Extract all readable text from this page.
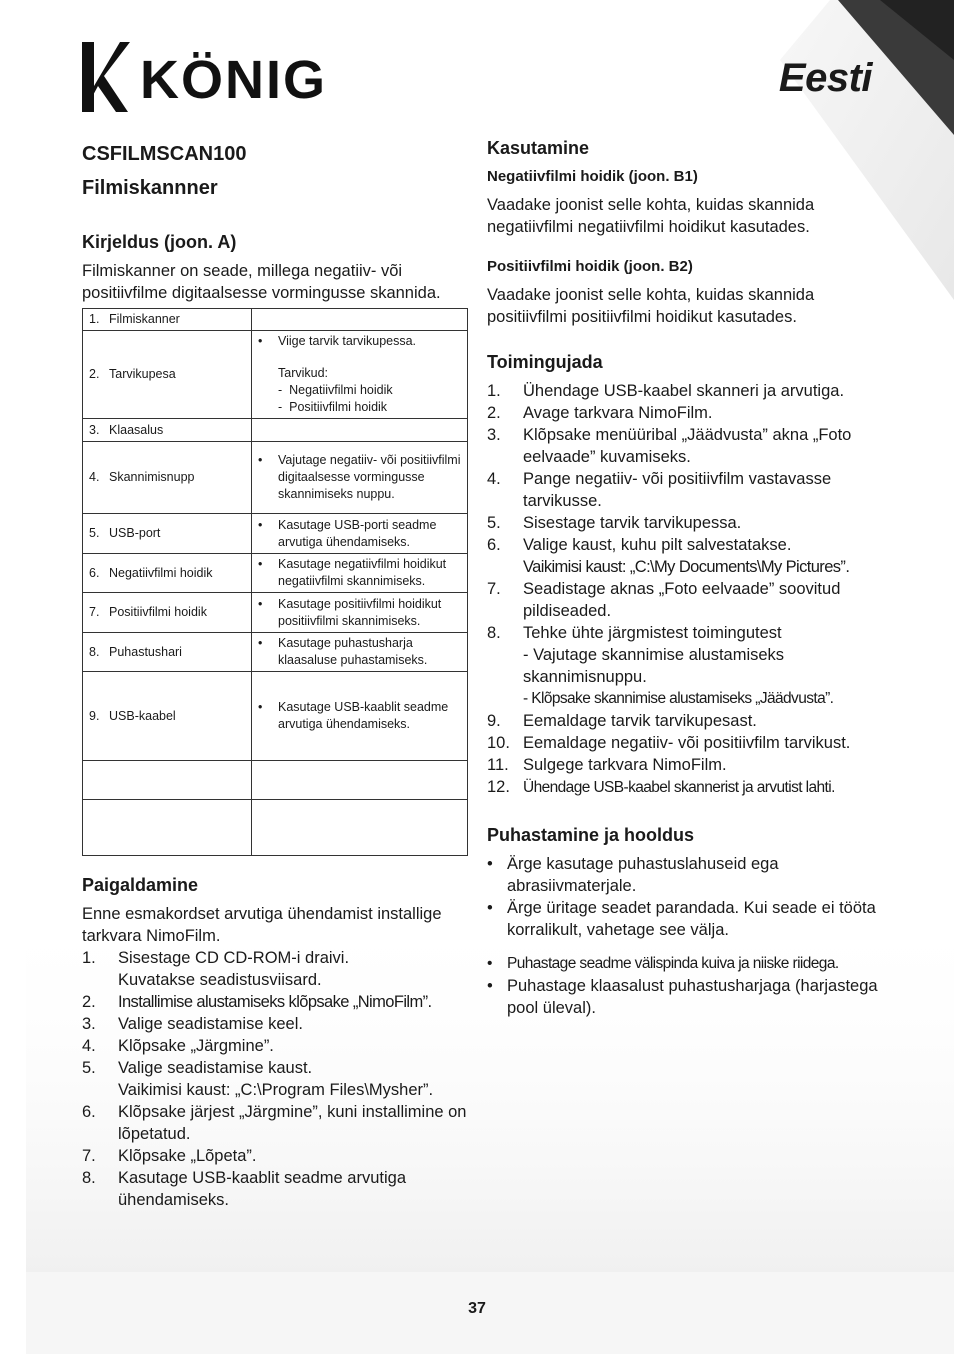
KÖNIG	Eesti
CSFILMSCAN100
Filmiskannner
Kirjeldus (joon. A)

Filmiskanner on seade, millega negatiiv- või positiivfilme digitaalsesse vormingusse skannida.

1. Filmiskanner	
2. Tarvikupesa	• Viige tarvik tarvikupessa.
Tarvikud:
-  Negatiivfilmi hoidik
-  Positiivfilmi hoidik

3. Klaasalus	
4. Skannimisnupp	• Vajutage negatiiv- või positiivfilmi digitaalsesse vormingusse skannimiseks nuppu.

5. USB-port	• Kasutage USB-porti seadme arvutiga ühendamiseks.

6. Negatiivfilmi hoidik	• Kasutage negatiivfilmi hoidikut negatiivfilmi skannimiseks.

7. Positiivfilmi hoidik	• Kasutage positiivfilmi hoidikut positiivfilmi skannimiseks.

8. Puhastushari	• Kasutage puhastusharja klaasaluse puhastamiseks.

9. USB-kaabel	• Kasutage USB-kaablit seadme arvutiga ühendamiseks.

Paigaldamine

Enne esmakordset arvutiga ühendamist installige tarkvara NimoFilm.

1. Sisestage CD CD-ROM-i draivi.
Kuvatakse seadistusviisard.
2. Installimise alustamiseks klõpsake „NimoFilm”.
3. Valige seadistamise keel.
4. Klõpsake „Järgmine”.
5. Valige seadistamise kaust.
Vaikimisi kaust: „C:\Program Files\Mysher”.
6. Klõpsake järjest „Järgmine”, kuni installimine on lõpetatud.
7. Klõpsake „Lõpeta”.
8. Kasutage USB-kaablit seadme arvutiga ühendamiseks.
Kasutamine
Negatiivfilmi hoidik (joon. B1)

Vaadake joonist selle kohta, kuidas skannida negatiivfilmi negatiivfilmi hoidikut kasutades.

Positiivfilmi hoidik (joon. B2)

Vaadake joonist selle kohta, kuidas skannida positiivfilmi positiivfilmi hoidikut kasutades.

Toimingujada
1. Ühendage USB-kaabel skanneri ja arvutiga.
2. Avage tarkvara NimoFilm.
3. Klõpsake menüüribal „Jäädvusta” akna „Foto eelvaade” kuvamiseks.
4. Pange negatiiv- või positiivfilm vastavasse tarvikusse.
5. Sisestage tarvik tarvikupessa.
6. Valige kaust, kuhu pilt salvestatakse.
Vaikimisi kaust: „C:\My Documents\My Pictures”.
7. Seadistage aknas „Foto eelvaade” soovitud pildiseaded.
8. Tehke ühte järgmistest toimingutest
- Vajutage skannimise alustamiseks skannimisnuppu.
- Klõpsake skannimise alustamiseks „Jäädvusta”.
9. Eemaldage tarvik tarvikupesast.
10. Eemaldage negatiiv- või positiivfilm tarvikust.
11. Sulgege tarkvara NimoFilm.
12. Ühendage USB-kaabel skannerist ja arvutist lahti.
Puhastamine ja hooldus
• Ärge kasutage puhastuslahuseid ega abrasiivmaterjale.
• Ärge üritage seadet parandada. Kui seade ei tööta korralikult, vahetage see välja.
• Puhastage seadme välispinda kuiva ja niiske riidega.
• Puhastage klaasalust puhastusharjaga (harjastega pool üleval).
37
